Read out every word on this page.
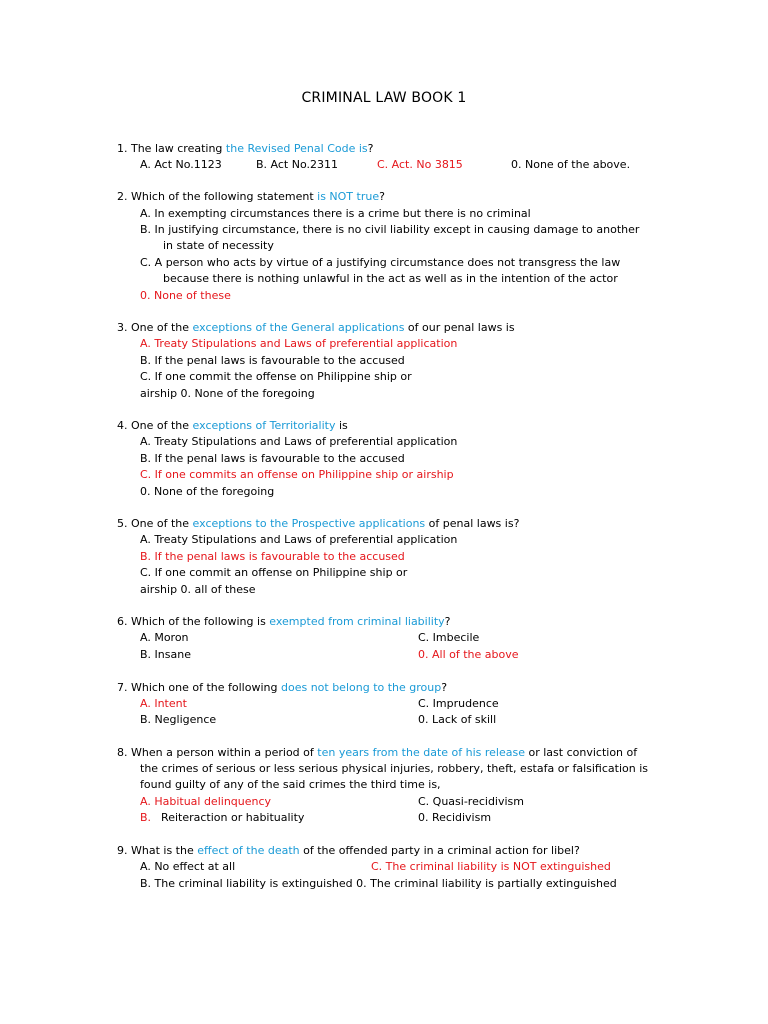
CRIMINAL LAW BOOK 1
1. The law creating the Revised Penal Code is?
A. Act No.1123	B. Act No.2311	C. Act. No 3815	0. None of the above.
2. Which of the following statement is NOT true?
A. In exempting circumstances there is a crime but there is no criminal
B. In justifying circumstance, there is no civil liability except in causing damage to another
in state of necessity
C. A person who acts by virtue of a justifying circumstance does not transgress the law
because there is nothing unlawful in the act as well as in the intention of the actor
0. None of these
3. One of the exceptions of the General applications of our penal laws is
A. Treaty Stipulations and Laws of preferential application
B. If the penal laws is favourable to the accused
C. If one commit the offense on Philippine ship or
airship 0. None of the foregoing
4. One of the exceptions of Territoriality is
A. Treaty Stipulations and Laws of preferential application
B. If the penal laws is favourable to the accused
C. If one commits an offense on Philippine ship or airship
0. None of the foregoing
5. One of the exceptions to the Prospective applications of penal laws is?
A. Treaty Stipulations and Laws of preferential application
B. If the penal laws is favourable to the accused
C. If one commit an offense on Philippine ship or
airship 0. all of these
6. Which of the following is exempted from criminal liability?
A. Moron	C. Imbecile
B. Insane	0. All of the above
7. Which one of the following does not belong to the group?
A. Intent	C. Imprudence
B. Negligence	0. Lack of skill
8. When a person within a period of ten years from the date of his release or last conviction of
the crimes of serious or less serious physical injuries, robbery, theft, estafa or falsification is
found guilty of any of the said crimes the third time is,
A. Habitual delinquency	C. Quasi-recidivism
B. Reiteraction or habituality	0. Recidivism
9. What is the effect of the death of the offended party in a criminal action for libel?
A. No effect at all	C. The criminal liability is NOT extinguished
B. The criminal liability is extinguished 0. The criminal liability is partially extinguished
